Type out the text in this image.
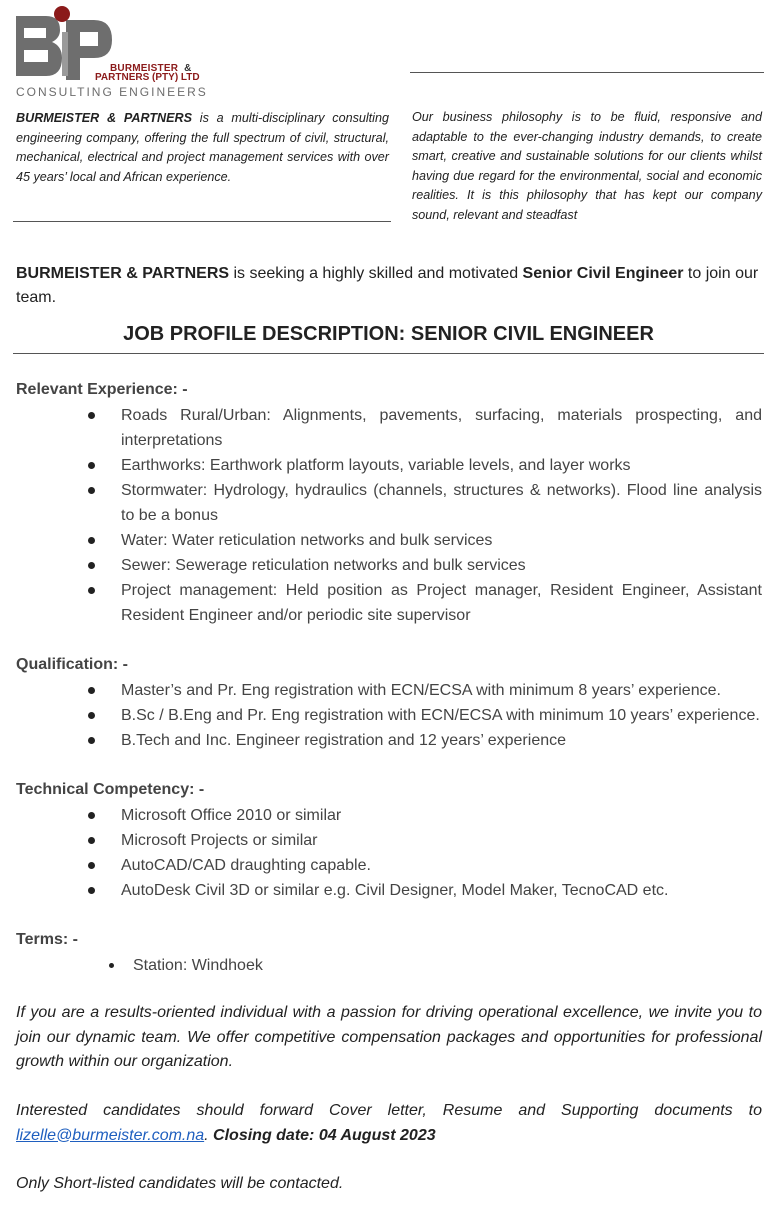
BURMEISTER &
PARTNERS (PTY) LTD
CONSULTING ENGINEERS
BURMEISTER & PARTNERS is a multi-disciplinary consulting engineering company, offering the full spectrum of civil, structural, mechanical, electrical and project management services with over 45 years’ local and African experience.
Our business philosophy is to be fluid, responsive and adaptable to the ever-changing industry demands, to create smart, creative and sustainable solutions for our clients whilst having due regard for the environmental, social and economic realities. It is this philosophy that has kept our company sound, relevant and steadfast
BURMEISTER & PARTNERS is seeking a highly skilled and motivated Senior Civil Engineer to join our team.
JOB PROFILE DESCRIPTION: SENIOR CIVIL ENGINEER
Relevant Experience: -
Roads Rural/Urban: Alignments, pavements, surfacing, materials prospecting, and interpretations
Earthworks: Earthwork platform layouts, variable levels, and layer works
Stormwater: Hydrology, hydraulics (channels, structures & networks). Flood line analysis to be a bonus
Water: Water reticulation networks and bulk services
Sewer: Sewerage reticulation networks and bulk services
Project management: Held position as Project manager, Resident Engineer, Assistant Resident Engineer and/or periodic site supervisor
Qualification: -
Master’s and Pr. Eng registration with ECN/ECSA with minimum 8 years’ experience.
B.Sc / B.Eng and Pr. Eng registration with ECN/ECSA with minimum 10 years’ experience.
B.Tech and Inc. Engineer registration and 12 years’ experience
Technical Competency: -
Microsoft Office 2010 or similar
Microsoft Projects or similar
AutoCAD/CAD draughting capable.
AutoDesk Civil 3D or similar e.g. Civil Designer, Model Maker, TecnoCAD etc.
Terms: -
Station: Windhoek
If you are a results-oriented individual with a passion for driving operational excellence, we invite you to join our dynamic team. We offer competitive compensation packages and opportunities for professional growth within our organization.
Interested candidates should forward Cover letter, Resume and Supporting documents to lizelle@burmeister.com.na. Closing date: 04 August 2023
Only Short-listed candidates will be contacted.
